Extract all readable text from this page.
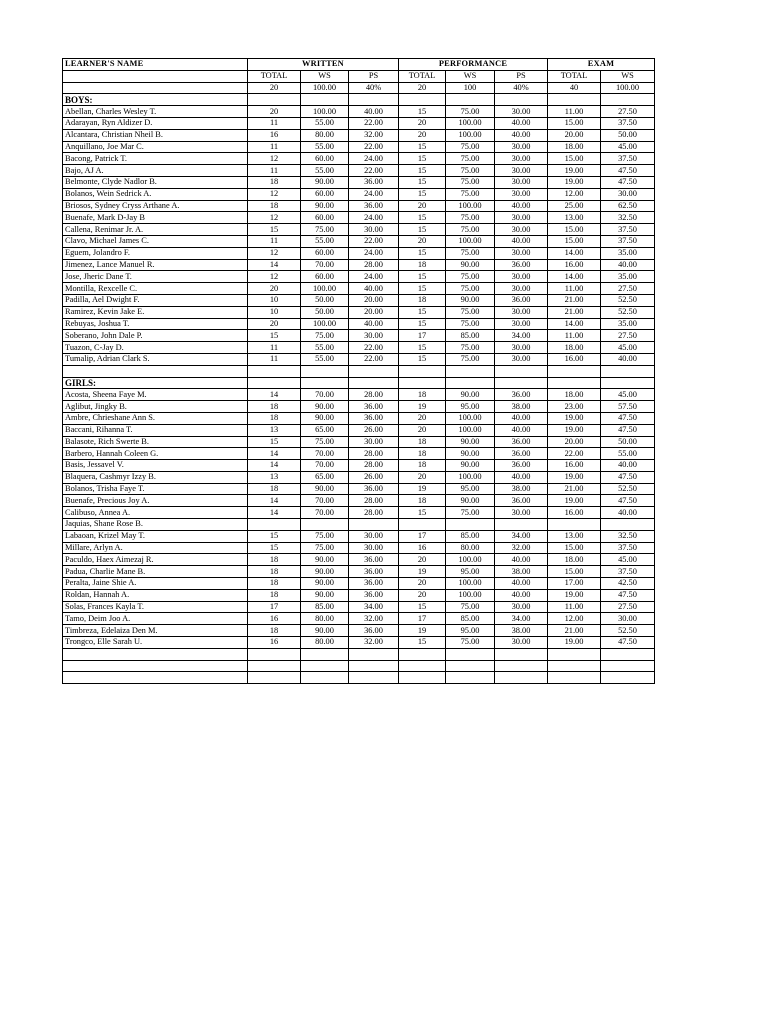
LEARNER'S NAME	WRITTEN			PERFORMANCE			EXAM	
	TOTAL	WS	PS	TOTAL	WS	PS	TOTAL	WS
	20	100.00	40%	20	100	40%	40	100.00
BOYS:								
Abellan, Charles Wesley T.	20	100.00	40.00	15	75.00	30.00	11.00	27.50
Adarayan, Ryn Aldizer D.	11	55.00	22.00	20	100.00	40.00	15.00	37.50
Alcantara, Christian Nheil B.	16	80.00	32.00	20	100.00	40.00	20.00	50.00
Anquillano, Joe Mar C.	11	55.00	22.00	15	75.00	30.00	18.00	45.00
Bacong, Patrick T.	12	60.00	24.00	15	75.00	30.00	15.00	37.50
Bajo, AJ A.	11	55.00	22.00	15	75.00	30.00	19.00	47.50
Belmonte, Clyde Nadlor B.	18	90.00	36.00	15	75.00	30.00	19.00	47.50
Bolanos, Wein Sedrick A.	12	60.00	24.00	15	75.00	30.00	12.00	30.00
Briosos, Sydney Cryss Arthane A.	18	90.00	36.00	20	100.00	40.00	25.00	62.50
Buenafe, Mark D-Jay B	12	60.00	24.00	15	75.00	30.00	13.00	32.50
Callena, Renimar Jr. A.	15	75.00	30.00	15	75.00	30.00	15.00	37.50
Clavo, Michael James C.	11	55.00	22.00	20	100.00	40.00	15.00	37.50
Eguem, Jolandro F.	12	60.00	24.00	15	75.00	30.00	14.00	35.00
Jimenez, Lance Manuel R.	14	70.00	28.00	18	90.00	36.00	16.00	40.00
Jose, Jheric Dane T.	12	60.00	24.00	15	75.00	30.00	14.00	35.00
Montilla, Rexcelle C.	20	100.00	40.00	15	75.00	30.00	11.00	27.50
Padilla, Ael Dwight F.	10	50.00	20.00	18	90.00	36.00	21.00	52.50
Ramirez, Kevin Jake E.	10	50.00	20.00	15	75.00	30.00	21.00	52.50
Rebuyas, Joshua T.	20	100.00	40.00	15	75.00	30.00	14.00	35.00
Soberano, John Dale P.	15	75.00	30.00	17	85.00	34.00	11.00	27.50
Tuazon, C-Jay D.	11	55.00	22.00	15	75.00	30.00	18.00	45.00
Tumalip, Adrian Clark S.	11	55.00	22.00	15	75.00	30.00	16.00	40.00

GIRLS:								
Acosta, Sheena Faye M.	14	70.00	28.00	18	90.00	36.00	18.00	45.00
Aglibut, Jingky B.	18	90.00	36.00	19	95.00	38.00	23.00	57.50
Ambre, Chrieshane Ann S.	18	90.00	36.00	20	100.00	40.00	19.00	47.50
Baccani, Rihanna T.	13	65.00	26.00	20	100.00	40.00	19.00	47.50
Balasote, Rich Swerte B.	15	75.00	30.00	18	90.00	36.00	20.00	50.00
Barbero, Hannah Coleen G.	14	70.00	28.00	18	90.00	36.00	22.00	55.00
Basis, Jessavel V.	14	70.00	28.00	18	90.00	36.00	16.00	40.00
Blaquera, Cashmyr Izzy B.	13	65.00	26.00	20	100.00	40.00	19.00	47.50
Bolanos, Trisha Faye T.	18	90.00	36.00	19	95.00	38.00	21.00	52.50
Buenafe, Precious Joy A.	14	70.00	28.00	18	90.00	36.00	19.00	47.50
Calibuso, Annea A.	14	70.00	28.00	15	75.00	30.00	16.00	40.00
Jaquias, Shane Rose B.								
Labaoan, Krizel May T.	15	75.00	30.00	17	85.00	34.00	13.00	32.50
Millare, Arlyn A.	15	75.00	30.00	16	80.00	32.00	15.00	37.50
Paculdo, Haex Aimezaj R.	18	90.00	36.00	20	100.00	40.00	18.00	45.00
Padua, Charlie Mane B.	18	90.00	36.00	19	95.00	38.00	15.00	37.50
Peralta, Jaine Shie A.	18	90.00	36.00	20	100.00	40.00	17.00	42.50
Roldan, Hannah A.	18	90.00	36.00	20	100.00	40.00	19.00	47.50
Solas, Frances Kayla T.	17	85.00	34.00	15	75.00	30.00	11.00	27.50
Tamo, Deim Joo A.	16	80.00	32.00	17	85.00	34.00	12.00	30.00
Timbreza, Edelaiza Den M.	18	90.00	36.00	19	95.00	38.00	21.00	52.50
Trongco, Elle Sarah U.	16	80.00	32.00	15	75.00	30.00	19.00	47.50
